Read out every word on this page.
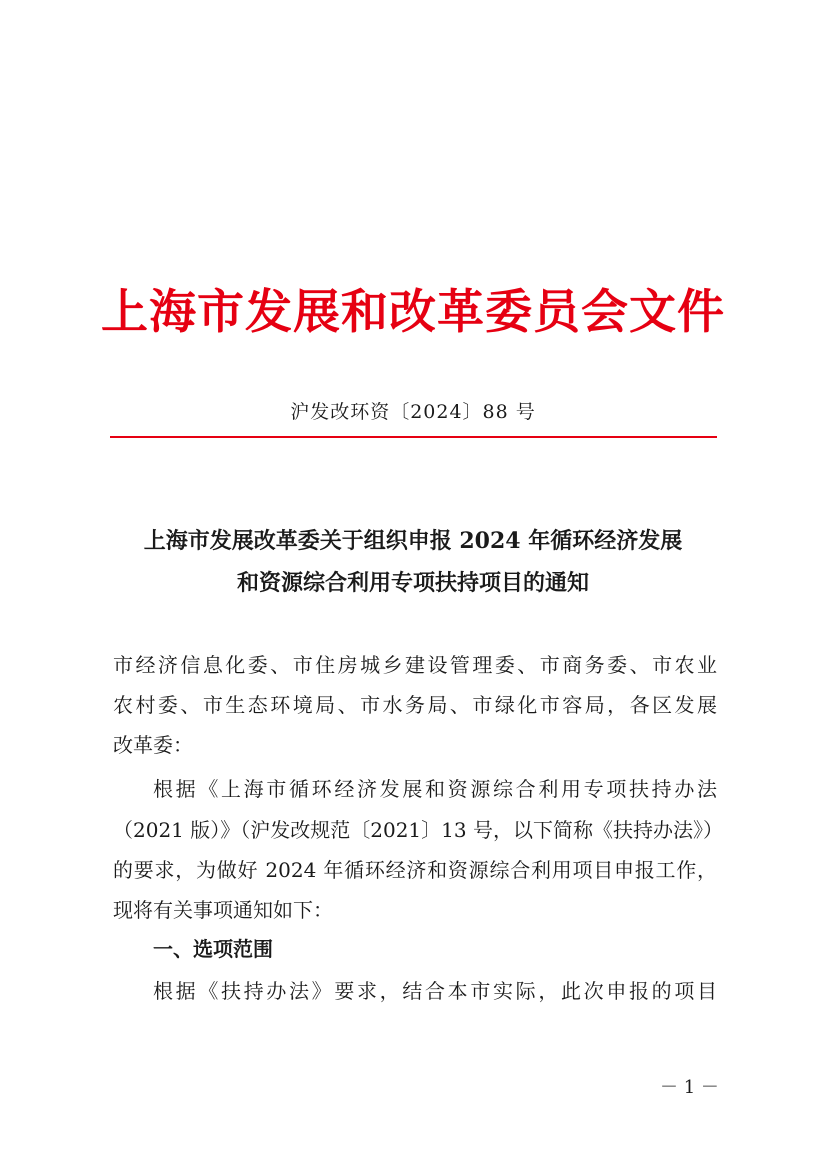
上海市发展和改革委员会文件
沪发改环资〔2024〕88 号
上海市发展改革委关于组织申报 2024 年循环经济发展
和资源综合利用专项扶持项目的通知
市经济信息化委、市住房城乡建设管理委、市商务委、市农业
农村委、市生态环境局、市水务局、市绿化市容局，各区发展
改革委：
根据《上海市循环经济发展和资源综合利用专项扶持办法
（2021 版）》（沪发改规范〔2021〕13 号，以下简称《扶持办法》）
的要求，为做好 2024 年循环经济和资源综合利用项目申报工作，
现将有关事项通知如下：
一、选项范围
根据《扶持办法》要求，结合本市实际，此次申报的项目
－ 1 －
